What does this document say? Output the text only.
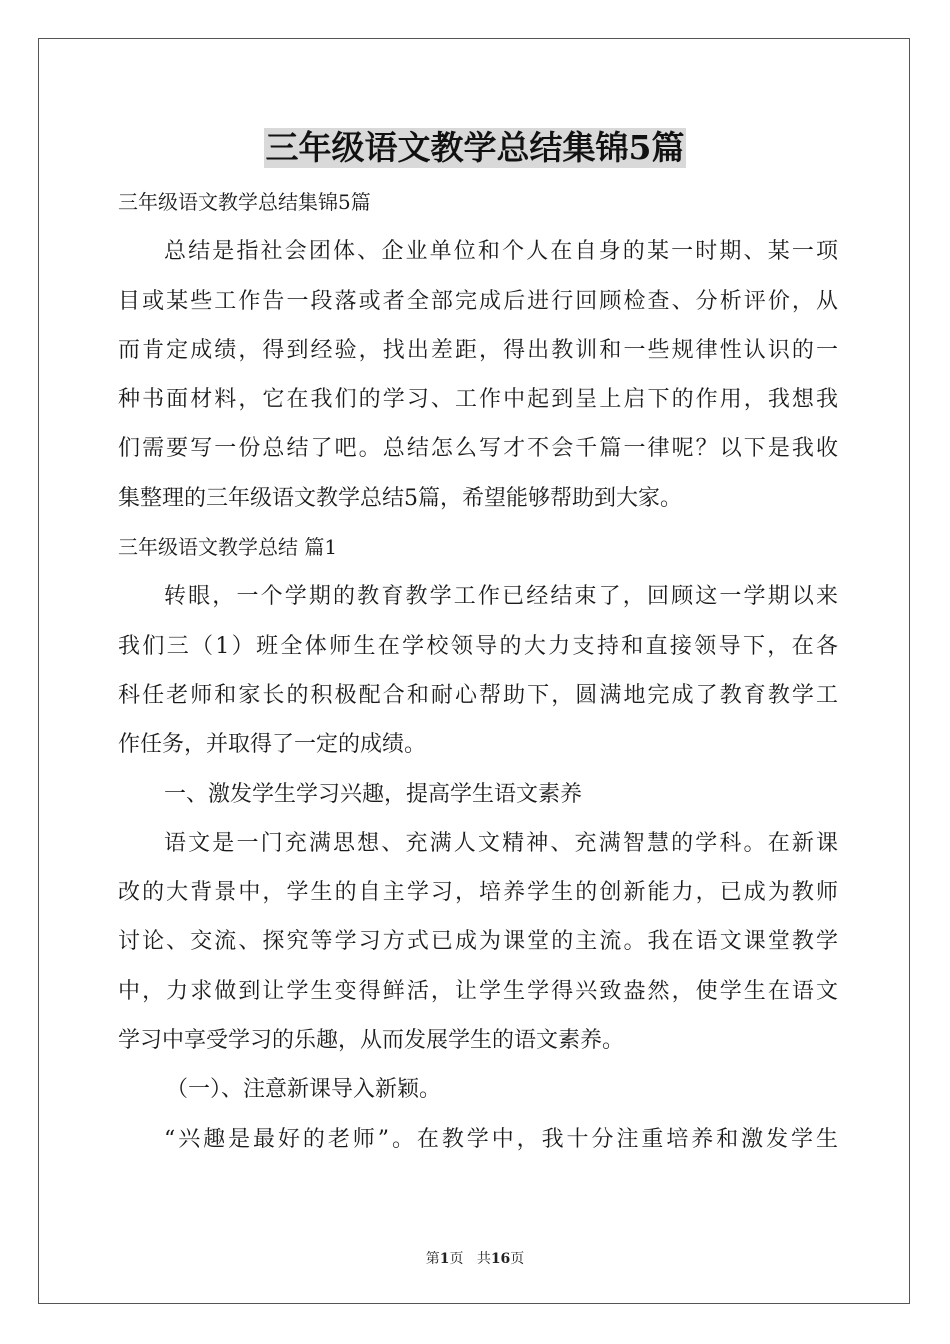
三年级语文教学总结集锦5篇
三年级语文教学总结集锦5篇
总结是指社会团体、企业单位和个人在自身的某一时期、某一项
目或某些工作告一段落或者全部完成后进行回顾检查、分析评价，从
而肯定成绩，得到经验，找出差距，得出教训和一些规律性认识的一
种书面材料，它在我们的学习、工作中起到呈上启下的作用，我想我
们需要写一份总结了吧。总结怎么写才不会千篇一律呢？以下是我收
集整理的三年级语文教学总结5篇，希望能够帮助到大家。
三年级语文教学总结 篇1
转眼，一个学期的教育教学工作已经结束了，回顾这一学期以来
我们三（1）班全体师生在学校领导的大力支持和直接领导下，在各
科任老师和家长的积极配合和耐心帮助下，圆满地完成了教育教学工
作任务，并取得了一定的成绩。
一、激发学生学习兴趣，提高学生语文素养
语文是一门充满思想、充满人文精神、充满智慧的学科。在新课
改的大背景中，学生的自主学习，培养学生的创新能力，已成为教师
讨论、交流、探究等学习方式已成为课堂的主流。我在语文课堂教学
中，力求做到让学生变得鲜活，让学生学得兴致盎然，使学生在语文
学习中享受学习的乐趣，从而发展学生的语文素养。
（一）、注意新课导入新颖。
“兴趣是最好的老师”。在教学中，我十分注重培养和激发学生
第1页 共16页
